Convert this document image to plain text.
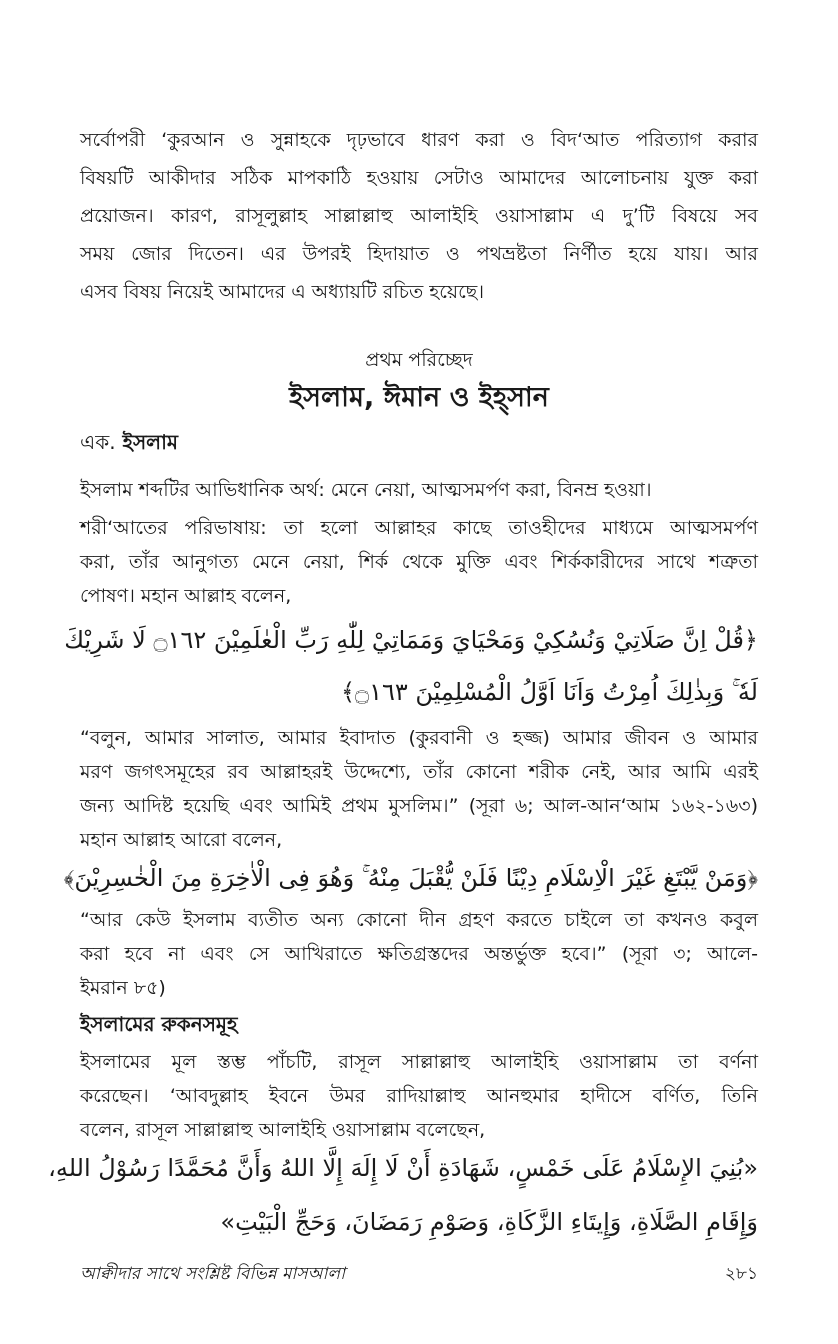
সর্বোপরী ‘কুরআন ও সুন্নাহকে দৃঢ়ভাবে ধারণ করা ও বিদ‘আত পরিত্যাগ করার
বিষয়টি আকীদার সঠিক মাপকাঠি হওয়ায় সেটাও আমাদের আলোচনায় যুক্ত করা
প্রয়োজন। কারণ, রাসূলুল্লাহ সাল্লাল্লাহু আলাইহি ওয়াসাল্লাম এ দু’টি বিষয়ে সব
সময় জোর দিতেন। এর উপরই হিদায়াত ও পথভ্রষ্টতা নির্ণীত হয়ে যায়। আর
এসব বিষয় নিয়েই আমাদের এ অধ্যায়টি রচিত হয়েছে।
প্রথম পরিচ্ছেদ
ইসলাম, ঈমান ও ইহ্‌সান
এক. ইসলাম
ইসলাম শব্দটির আভিধানিক অর্থ: মেনে নেয়া, আত্মসমর্পণ করা, বিনম্র হওয়া।
শরী‘আতের পরিভাষায়: তা হলো আল্লাহর কাছে তাওহীদের মাধ্যমে আত্মসমর্পণ
করা, তাঁর আনুগত্য মেনে নেয়া, শির্ক থেকে মুক্তি এবং শির্ককারীদের সাথে শত্রুতা
পোষণ। মহান আল্লাহ বলেন,
﴿قُلْ اِنَّ صَلَاتِيْ وَنُسُكِيْ وَمَحْيَايَ وَمَمَاتِيْ لِلّٰهِ رَبِّ الْعٰلَمِيْنَ ۝١٦٢ لَا شَرِيْكَ
لَهٗ ۚ وَبِذٰلِكَ اُمِرْتُ وَاَنَا اَوَّلُ الْمُسْلِمِيْنَ ۝١٦٣﴾
“বলুন, আমার সালাত, আমার ইবাদাত (কুরবানী ও হজ্জ) আমার জীবন ও আমার
মরণ জগৎসমূহের রব আল্লাহরই উদ্দেশ্যে, তাঁর কোনো শরীক নেই, আর আমি এরই
জন্য আদিষ্ট হয়েছি এবং আমিই প্রথম মুসলিম।” (সূরা ৬; আল-আন‘আম ১৬২-১৬৩)
মহান আল্লাহ আরো বলেন,
﴿وَمَنْ يَّبْتَغِ غَيْرَ الْاِسْلَامِ دِيْنًا فَلَنْ يُّقْبَلَ مِنْهُ ۚ وَهُوَ فِى الْاٰخِرَةِ مِنَ الْخٰسِرِيْنَ﴾
“আর কেউ ইসলাম ব্যতীত অন্য কোনো দীন গ্রহণ করতে চাইলে তা কখনও কবুল
করা হবে না এবং সে আখিরাতে ক্ষতিগ্রস্তদের অন্তর্ভুক্ত হবে।” (সূরা ৩; আলে-
ইমরান ৮৫)
ইসলামের রুকনসমূহ
ইসলামের মূল স্তম্ভ পাঁচটি, রাসূল সাল্লাল্লাহু আলাইহি ওয়াসাল্লাম তা বর্ণনা
করেছেন। ‘আবদুল্লাহ ইবনে উমর রাদিয়াল্লাহু আনহুমার হাদীসে বর্ণিত, তিনি
বলেন, রাসূল সাল্লাল্লাহু আলাইহি ওয়াসাল্লাম বলেছেন,
«بُنِيَ الإِسْلَامُ عَلَى خَمْسٍ، شَهَادَةِ أَنْ لَا إِلَهَ إِلَّا اللهُ وَأَنَّ مُحَمَّدًا رَسُوْلُ اللهِ،
وَإِقَامِ الصَّلَاةِ، وَإِيتَاءِ الزَّكَاةِ، وَصَوْمِ رَمَضَانَ، وَحَجِّ الْبَيْتِ»
আক্বীদার সাথে সংশ্লিষ্ট বিভিন্ন মাসআলা	২৮১
